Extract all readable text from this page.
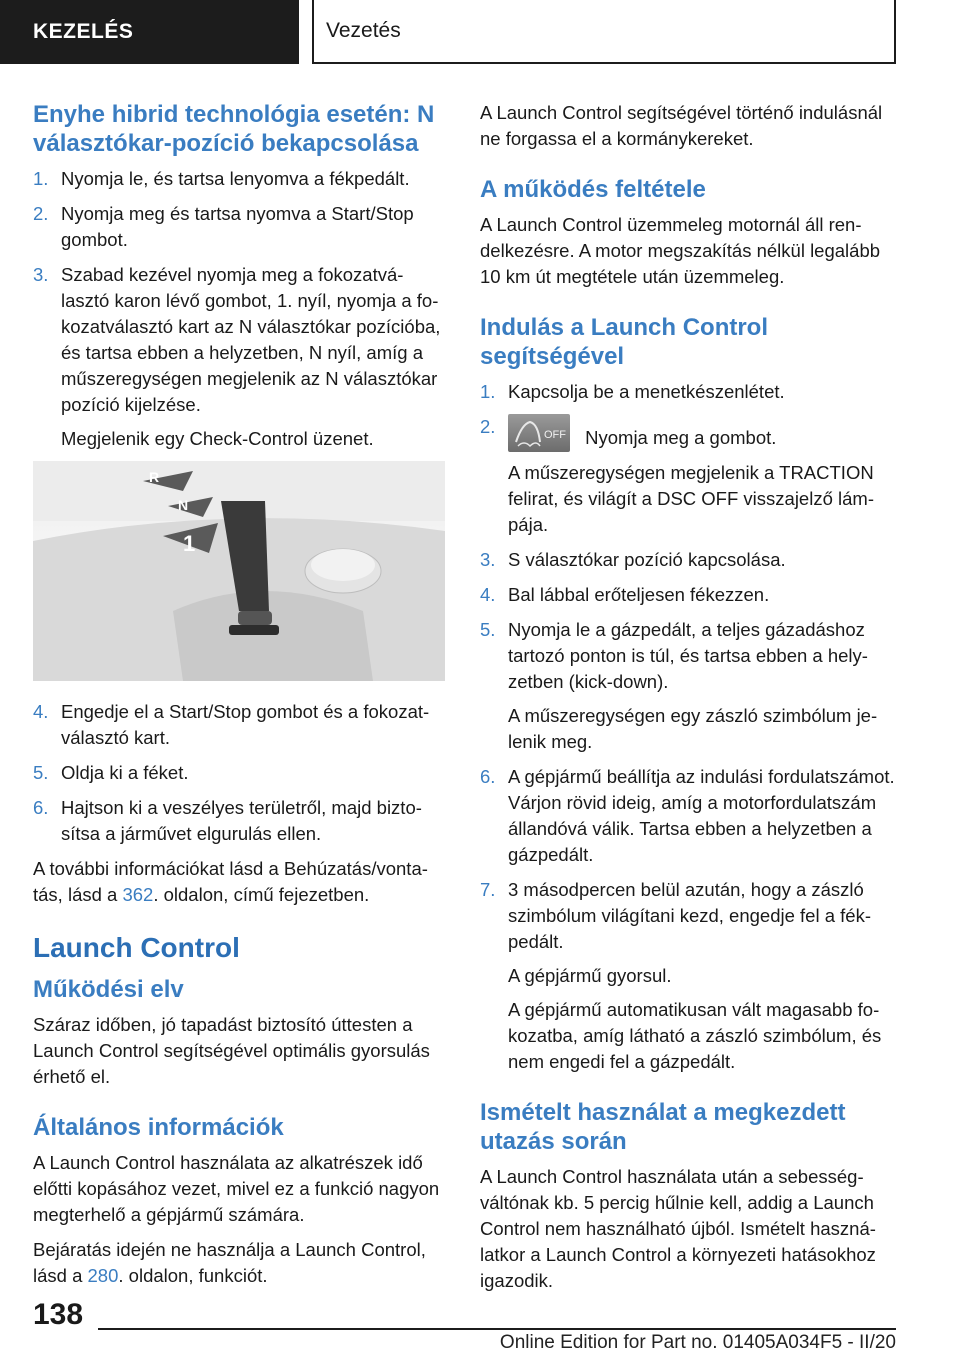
KEZELÉS	Vezetés
Enyhe hibrid technológia esetén: N választókar-pozíció bekapcsolása
1. Nyomja le, és tartsa lenyomva a fékpedált.
2. Nyomja meg és tartsa nyomva a Start/Stop gombot.
3. Szabad kezével nyomja meg a fokozatválasztó karon lévő gombot, 1. nyíl, nyomja a fokozatválasztó kart az N választókar pozícióba, és tartsa ebben a helyzetben, N nyíl, amíg a műszeregységen megjelenik az N választókar pozíció kijelzése.

Megjelenik egy Check-Control üzenet.

R
N
1
4. Engedje el a Start/Stop gombot és a fokozatválasztó kart.
5. Oldja ki a féket.
6. Hajtson ki a veszélyes területről, majd biztosítsa a járművet elgurulás ellen.

A további információkat lásd a Behúzatás/vontatás, lásd a 362. oldalon, című fejezetben.

Launch Control
Működési elv

Száraz időben, jó tapadást biztosító úttesten a Launch Control segítségével optimális gyorsulás érhető el.

Általános információk

A Launch Control használata az alkatrészek idő előtti kopásához vezet, mivel ez a funkció nagyon megterhelő a gépjármű számára.

Bejáratás idején ne használja a Launch Control, lásd a 280. oldalon, funkciót.

A Launch Control segítségével történő indulásnál ne forgassa el a kormánykereket.

A működés feltétele

A Launch Control üzemmeleg motornál áll rendelkezésre. A motor megszakítás nélkül legalább 10 km út megtétele után üzemmeleg.

Indulás a Launch Control segítségével
1. Kapcsolja be a menetkészenlétet.
2.	OFF Nyomja meg a gombot.

A műszeregységen megjelenik a TRACTION felirat, és világít a DSC OFF visszajelző lámpája.

3. S választókar pozíció kapcsolása.
4. Bal lábbal erőteljesen fékezzen.
5. Nyomja le a gázpedált, a teljes gázadáshoz tartozó ponton is túl, és tartsa ebben a helyzetben (kick-down).

A műszeregységen egy zászló szimbólum jelenik meg.

6. A gépjármű beállítja az indulási fordulatszámot. Várjon rövid ideig, amíg a motorfordulatszám állandóvá válik. Tartsa ebben a helyzetben a gázpedált.
7. 3 másodpercen belül azután, hogy a zászló szimbólum világítani kezd, engedje fel a fékpedált.

A gépjármű gyorsul.

A gépjármű automatikusan vált magasabb fokozatba, amíg látható a zászló szimbólum, és nem engedi fel a gázpedált.

Ismételt használat a megkezdett utazás során

A Launch Control használata után a sebességváltónak kb. 5 percig hűlnie kell, addig a Launch Control nem használható újból. Ismételt használatkor a Launch Control a környezeti hatásokhoz igazodik.

138
Online Edition for Part no. 01405A034F5 - II/20
